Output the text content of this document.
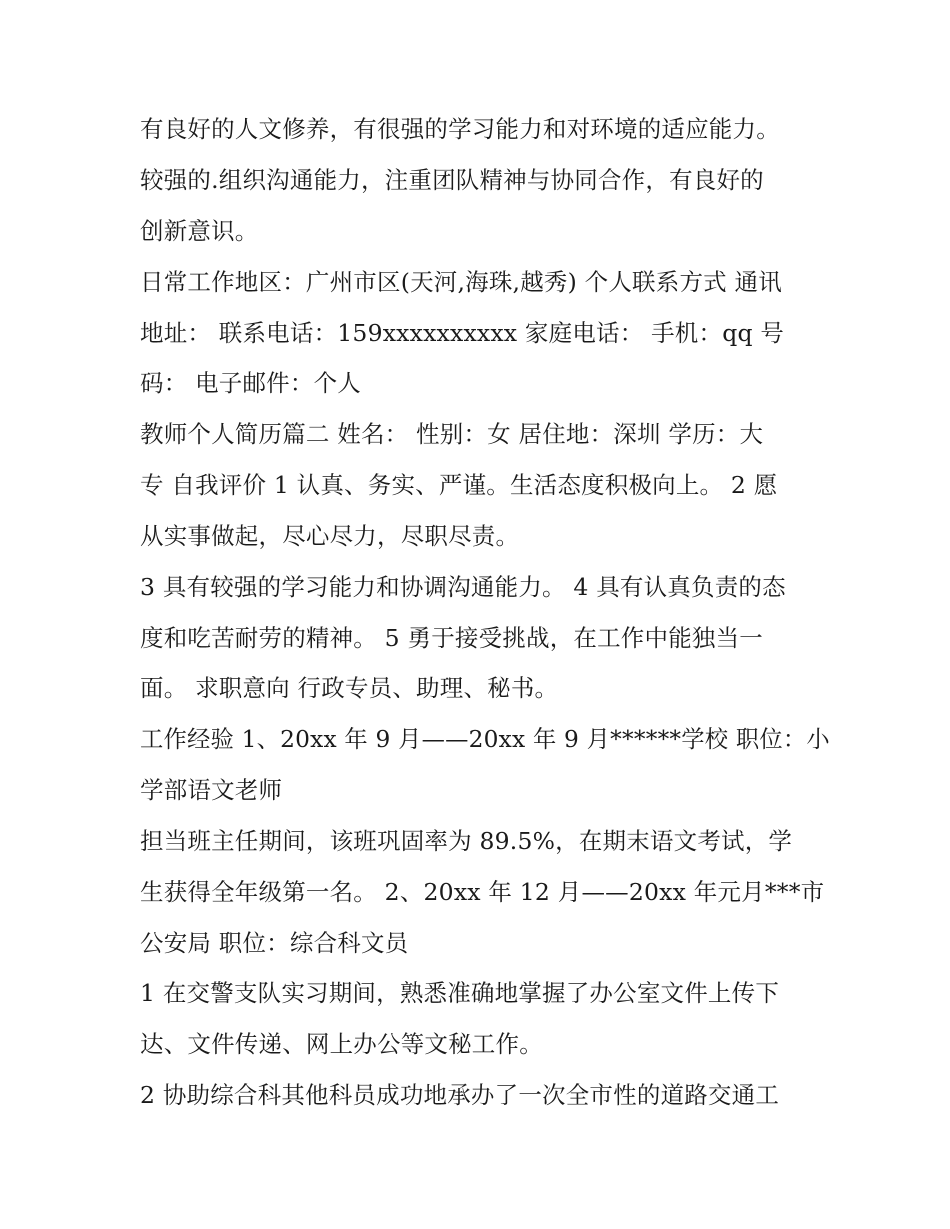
有良好的人文修养，有很强的学习能力和对环境的适应能力。
较强的.组织沟通能力，注重团队精神与协同合作，有良好的
创新意识。
日常工作地区：广州市区(天河,海珠,越秀) 个人联系方式 通讯
地址： 联系电话：159xxxxxxxxxx 家庭电话： 手机：qq 号
码： 电子邮件：个人
教师个人简历篇二 姓名： 性别：女 居住地：深圳 学历：大
专 自我评价 1 认真、务实、严谨。生活态度积极向上。 2 愿
从实事做起，尽心尽力，尽职尽责。
3 具有较强的学习能力和协调沟通能力。 4 具有认真负责的态
度和吃苦耐劳的精神。 5 勇于接受挑战，在工作中能独当一
面。 求职意向 行政专员、助理、秘书。
工作经验 1、20xx 年 9 月——20xx 年 9 月******学校 职位：小
学部语文老师
担当班主任期间，该班巩固率为 89.5%，在期末语文考试，学
生获得全年级第一名。 2、20xx 年 12 月——20xx 年元月***市
公安局 职位：综合科文员
1 在交警支队实习期间，熟悉准确地掌握了办公室文件上传下
达、文件传递、网上办公等文秘工作。
2 协助综合科其他科员成功地承办了一次全市性的道路交通工
